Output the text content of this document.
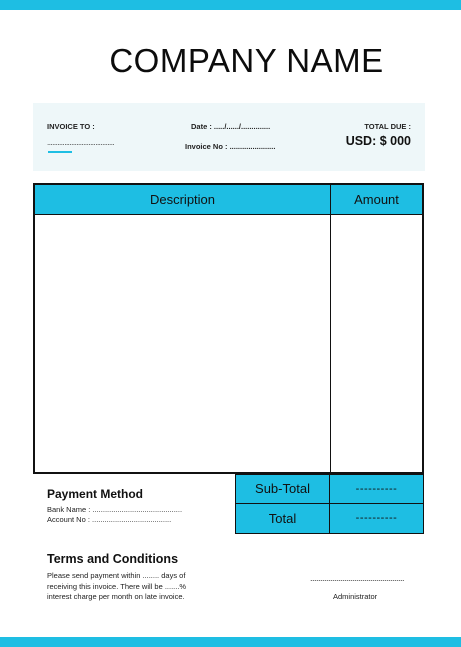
COMPANY NAME
INVOICE TO :
.......................................
Date : ...../....../..............
Invoice No : ......................
TOTAL DUE :
USD: $ 000
Description	Amount
Payment Method
Bank Name : ...........................................
Account No : ......................................
Sub-Total	----------
Total	----------
Terms and Conditions
Please send payment within ........ days of
receiving this invoice. There will be .......%
interest charge per month on late invoice.
...............................................
Administrator
